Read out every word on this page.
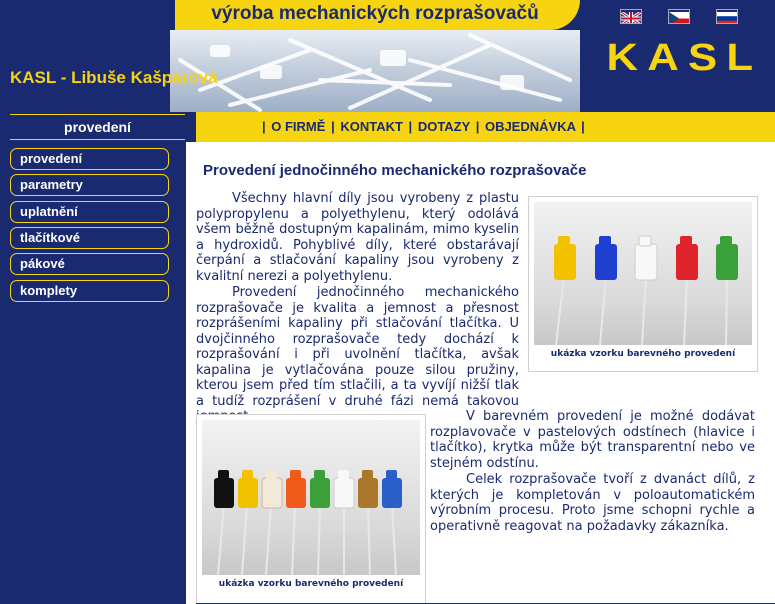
výroba mechanických rozprašovačů
KASL - Libuše Kašparová	KASL
provedení
provedení
parametry
uplatnění
tlačítkové
pákové
komplety
| O FIRMĚ | KONTAKT | DOTAZY | OBJEDNÁVKA |
Provedení jednočinného mechanického rozprašovače
ukázka vzorku barevného provedení
Všechny hlavní díly jsou vyrobeny z plastu polypropylenu a polyethylenu, který odolává všem běžně dostupným kapalinám, mimo kyselin a hydroxidů. Pohyblivé díly, které obstarávají čerpání a stlačování kapaliny jsou vyrobeny z kvalitní nerezi a polyethylenu.
Provedení jednočinného mechanického rozprašovače je kvalita a jemnost a přesnost rozprášeními kapaliny při stlačování tlačítka. U dvojčinného rozprašovače tedy dochází k rozprašování i při uvolnění tlačítka, avšak kapalina je vytlačována pouze silou pružiny, kterou jsem před tím stlačili, a ta vyvíjí nižší tlak a tudíž rozprášení v druhé fázi nemá takovou
ukázka vzorku barevného provedení
V barevném provedení je možné dodávat rozplavovače v pastelových odstínech (hlavice i tlačítko), krytka může být transparentní nebo ve stejném odstínu.
Celek rozprašovače tvoří z dvanáct dílů, z kterých je kompletován v poloautomatickém výrobním procesu. Proto jsme schopni rychle a operativně reagovat na požadavky zákazníka.
